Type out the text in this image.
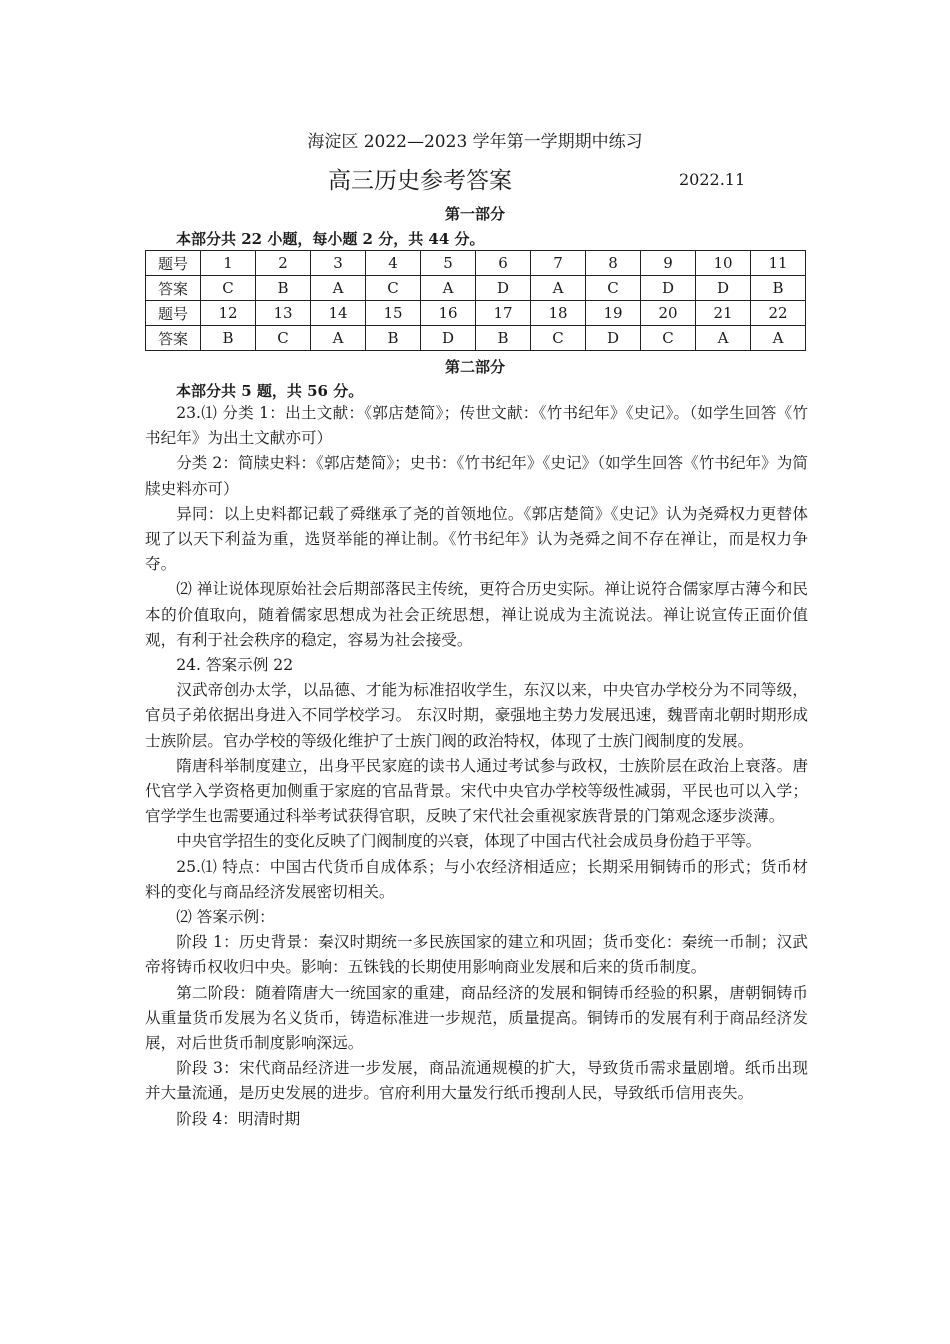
海淀区 2022—2023 学年第一学期期中练习
高三历史参考答案	2022.11
第一部分
本部分共 22 小题，每小题 2 分，共 44 分。
题号	1	2	3	4	5	6	7	8	9	10	11
答案	C	B	A	C	A	D	A	C	D	D	B
题号	12	13	14	15	16	17	18	19	20	21	22
答案	B	C	A	B	D	B	C	D	C	A	A
第二部分
本部分共 5 题，共 56 分。

23.⑴ 分类 1：出土文献：《郭店楚简》；传世文献：《竹书纪年》《史记》。（如学生回答《竹书纪年》为出土文献亦可）

分类 2：简牍史料：《郭店楚简》；史书：《竹书纪年》《史记》（如学生回答《竹书纪年》为简牍史料亦可）

异同：以上史料都记载了舜继承了尧的首领地位。《郭店楚简》《史记》认为尧舜权力更替体现了以天下利益为重，选贤举能的禅让制。《竹书纪年》认为尧舜之间不存在禅让，而是权力争夺。

⑵ 禅让说体现原始社会后期部落民主传统，更符合历史实际。禅让说符合儒家厚古薄今和民本的价值取向，随着儒家思想成为社会正统思想，禅让说成为主流说法。禅让说宣传正面价值观，有利于社会秩序的稳定，容易为社会接受。

24. 答案示例 22

汉武帝创办太学，以品德、才能为标准招收学生，东汉以来，中央官办学校分为不同等级，官员子弟依据出身进入不同学校学习。 东汉时期，豪强地主势力发展迅速，魏晋南北朝时期形成士族阶层。官办学校的等级化维护了士族门阀的政治特权，体现了士族门阀制度的发展。

隋唐科举制度建立，出身平民家庭的读书人通过考试参与政权，士族阶层在政治上衰落。唐代官学入学资格更加侧重于家庭的官品背景。宋代中央官办学校等级性减弱，平民也可以入学；官学学生也需要通过科举考试获得官职，反映了宋代社会重视家族背景的门第观念逐步淡薄。

中央官学招生的变化反映了门阀制度的兴衰，体现了中国古代社会成员身份趋于平等。

25.⑴ 特点：中国古代货币自成体系；与小农经济相适应；长期采用铜铸币的形式；货币材料的变化与商品经济发展密切相关。

⑵ 答案示例：

阶段 1：历史背景：秦汉时期统一多民族国家的建立和巩固；货币变化：秦统一币制；汉武帝将铸币权收归中央。影响：五铢钱的长期使用影响商业发展和后来的货币制度。

第二阶段：随着隋唐大一统国家的重建，商品经济的发展和铜铸币经验的积累，唐朝铜铸币从重量货币发展为名义货币，铸造标准进一步规范，质量提高。铜铸币的发展有利于商品经济发展，对后世货币制度影响深远。

阶段 3：宋代商品经济进一步发展，商品流通规模的扩大，导致货币需求量剧增。纸币出现并大量流通，是历史发展的进步。官府利用大量发行纸币搜刮人民，导致纸币信用丧失。

阶段 4：明清时期
